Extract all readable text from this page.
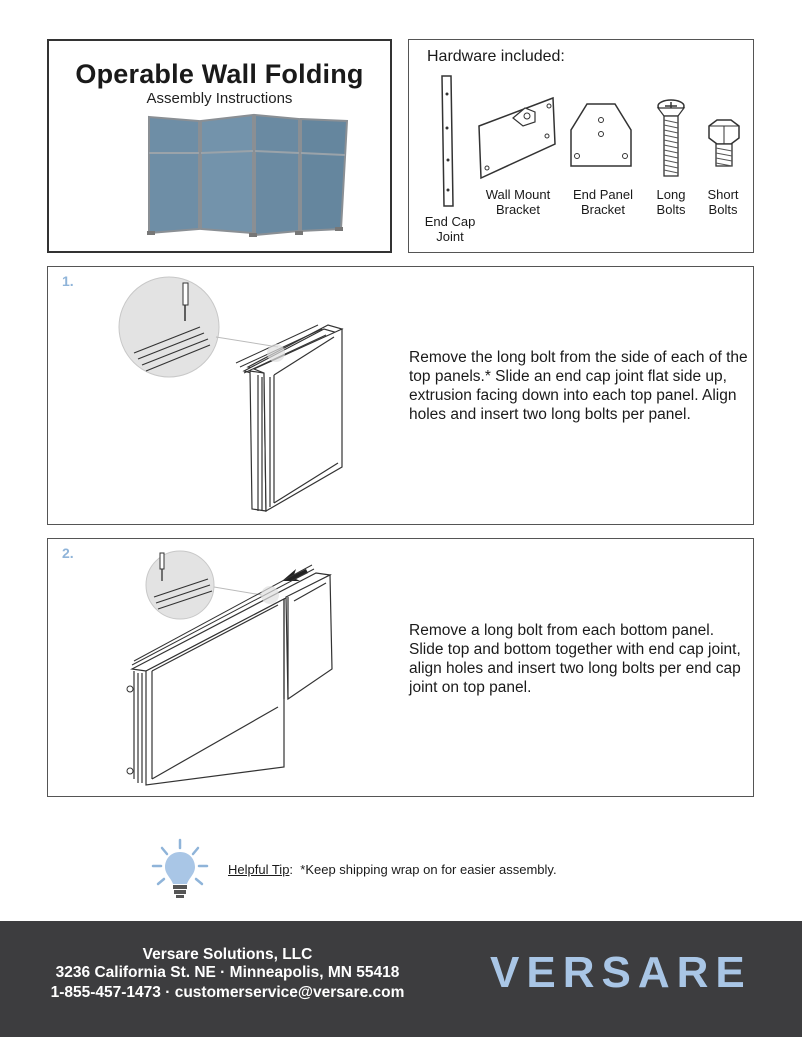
Operable Wall Folding
Assembly Instructions
Hardware included:
End Cap
Joint
Wall Mount
Bracket
End Panel
Bracket
Long
Bolts
Short
Bolts
1.
Remove the long bolt from the side of each of the top panels.* Slide an end cap joint flat side up, extrusion facing down into each top panel. Align holes and insert two long bolts per panel.
2.
Remove a long bolt from each bottom panel. Slide top and bottom together with end cap joint, align holes and insert two long bolts per end cap joint on top panel.
Helpful Tip:  *Keep shipping wrap on for easier assembly.
Versare Solutions, LLC
3236 California St. NE · Minneapolis, MN 55418
1-855-457-1473 · customerservice@versare.com	VERSARE
